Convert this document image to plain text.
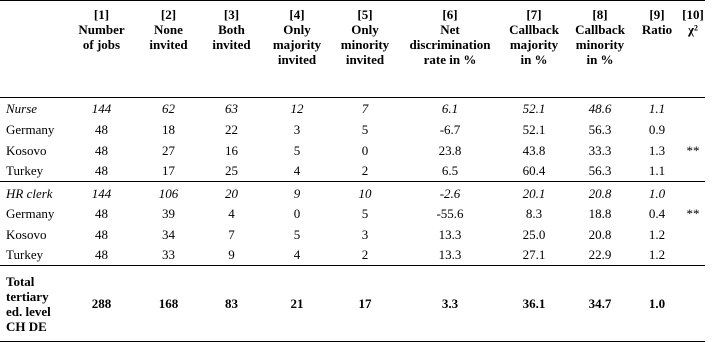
	[1]
Number
of jobs	[2]
None
invited	[3]
Both
invited	[4]
Only
majority
invited	[5]
Only
minority
invited	[6]
Net
discrimination
rate in %	[7]
Callback
majority
in %	[8]
Callback
minority
in %	[9]
Ratio	[10]
χ²

Nurse	144	62	63	12	7	6.1	52.1	48.6	1.1	
Germany	48	18	22	3	5	-6.7	52.1	56.3	0.9	
Kosovo	48	27	16	5	0	23.8	43.8	33.3	1.3	**
Turkey	48	17	25	4	2	6.5	60.4	56.3	1.1	
HR clerk	144	106	20	9	10	-2.6	20.1	20.8	1.0	
Germany	48	39	4	0	5	-55.6	8.3	18.8	0.4	**
Kosovo	48	34	7	5	3	13.3	25.0	20.8	1.2	
Turkey	48	33	9	4	2	13.3	27.1	22.9	1.2	

Total
tertiary
ed. level
CH DE	288	168	83	21	17	3.3	36.1	34.7	1.0	
